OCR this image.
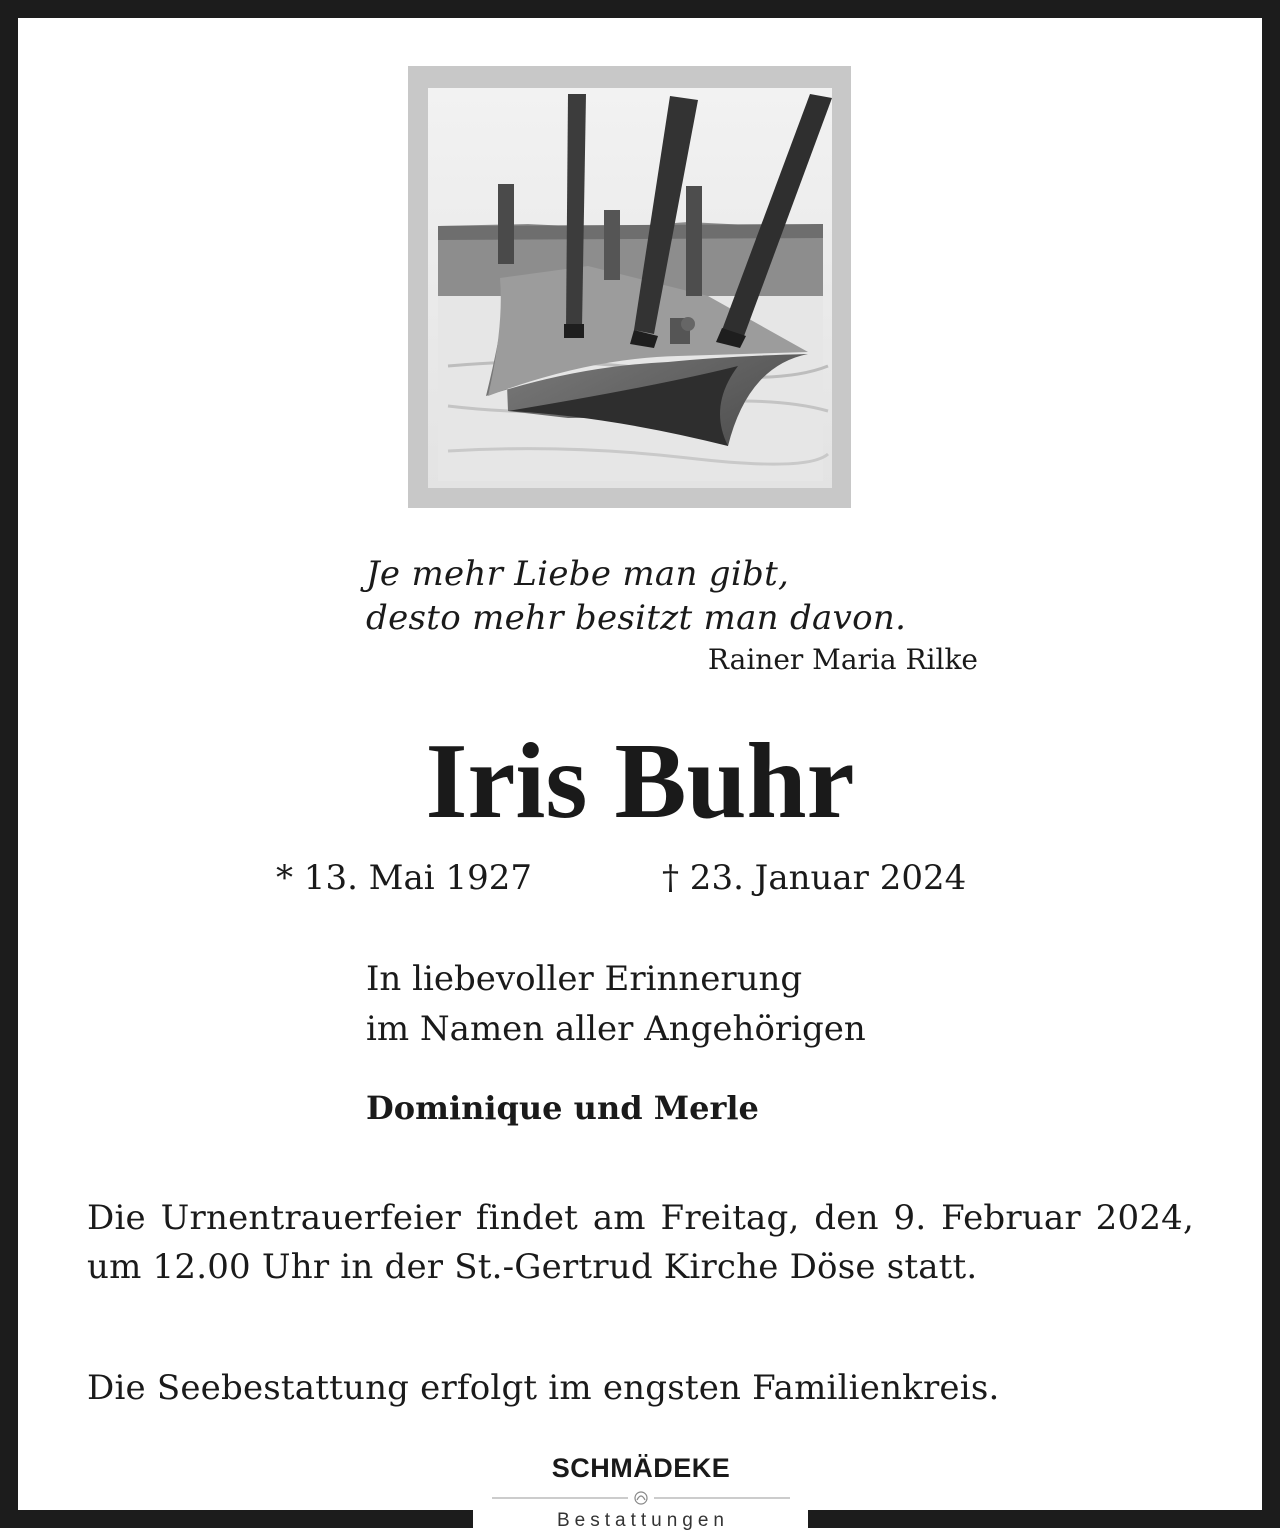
Je mehr Liebe man gibt,
desto mehr besitzt man davon.
Rainer Maria Rilke
Iris Buhr
* 13. Mai 1927	† 23. Januar 2024
In liebevoller Erinnerung
im Namen aller Angehörigen
Dominique und Merle
Die Urnentrauerfeier findet am Freitag, den 9. Februar 2024, um 12.00 Uhr in der St.-Gertrud Kirche Döse statt.
Die Seebestattung erfolgt im engsten Familienkreis.
SCHMÄDEKE
Bestattungen
